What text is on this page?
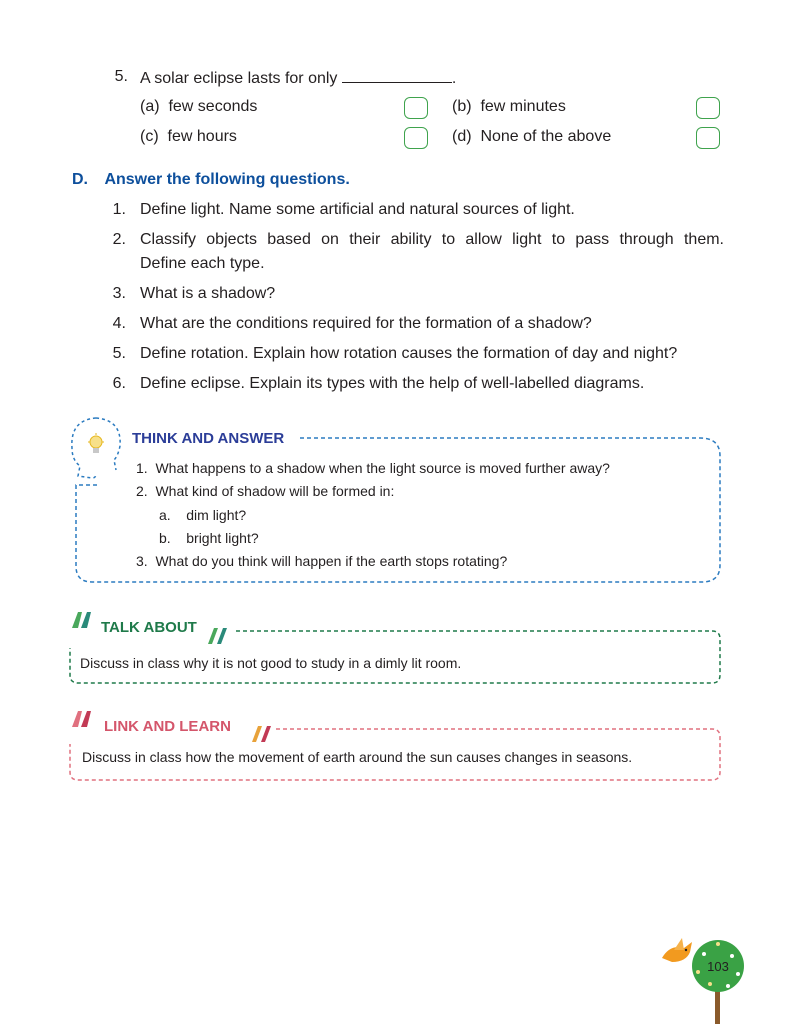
5. A solar eclipse lasts for only	.
(a) few seconds	(b) few minutes
(c) few hours	(d) None of the above
D. Answer the following questions.
1. Define light. Name some artificial and natural sources of light.
2. Classify objects based on their ability to allow light to pass through them.
Define each type.
3. What is a shadow?
4. What are the conditions required for the formation of a shadow?
5. Define rotation. Explain how rotation causes the formation of day and night?
6. Define eclipse. Explain its types with the help of well-labelled diagrams.
THINK AND ANSWER
1. What happens to a shadow when the light source is moved further away?
2. What kind of shadow will be formed in:
a. dim light?
b. bright light?
3. What do you think will happen if the earth stops rotating?
TALK ABOUT
Discuss in class why it is not good to study in a dimly lit room.
LINK AND LEARN
Discuss in class how the movement of earth around the sun causes changes in seasons.
103
